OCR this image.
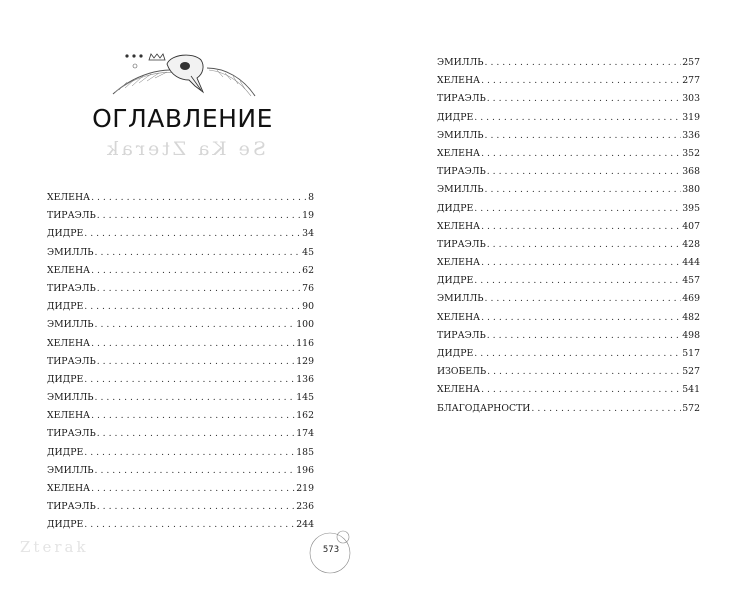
ОГЛАВЛЕНИЕ
Se Ka Zterak
Zterak
ХЕЛЕНА . . .	8
ТИРАЭЛЬ . . .	19
ДИДРЕ . . .	34
ЭМИЛЛЬ . . .	45
ХЕЛЕНА . . .	62
ТИРАЭЛЬ . . .	76
ДИДРЕ . . .	90
ЭМИЛЛЬ . . .	100
ХЕЛЕНА . . .	116
ТИРАЭЛЬ . . .	129
ДИДРЕ . . .	136
ЭМИЛЛЬ . . .	145
ХЕЛЕНА . . .	162
ТИРАЭЛЬ . . .	174
ДИДРЕ . . .	185
ЭМИЛЛЬ . . .	196
ХЕЛЕНА . . .	219
ТИРАЭЛЬ . . .	236
ДИДРЕ . . .	244
573
ЭМИЛЛЬ . . .	257
ХЕЛЕНА . . .	277
ТИРАЭЛЬ . . .	303
ДИДРЕ . . .	319
ЭМИЛЛЬ . . .	336
ХЕЛЕНА . . .	352
ТИРАЭЛЬ . . .	368
ЭМИЛЛЬ . . .	380
ДИДРЕ . . .	395
ХЕЛЕНА . . .	407
ТИРАЭЛЬ . . .	428
ХЕЛЕНА . . .	444
ДИДРЕ . . .	457
ЭМИЛЛЬ . . .	469
ХЕЛЕНА . . .	482
ТИРАЭЛЬ . . .	498
ДИДРЕ . . .	517
ИЗОБЕЛЬ . . .	527
ХЕЛЕНА . . .	541
БЛАГОДАРНОСТИ . . .	572
